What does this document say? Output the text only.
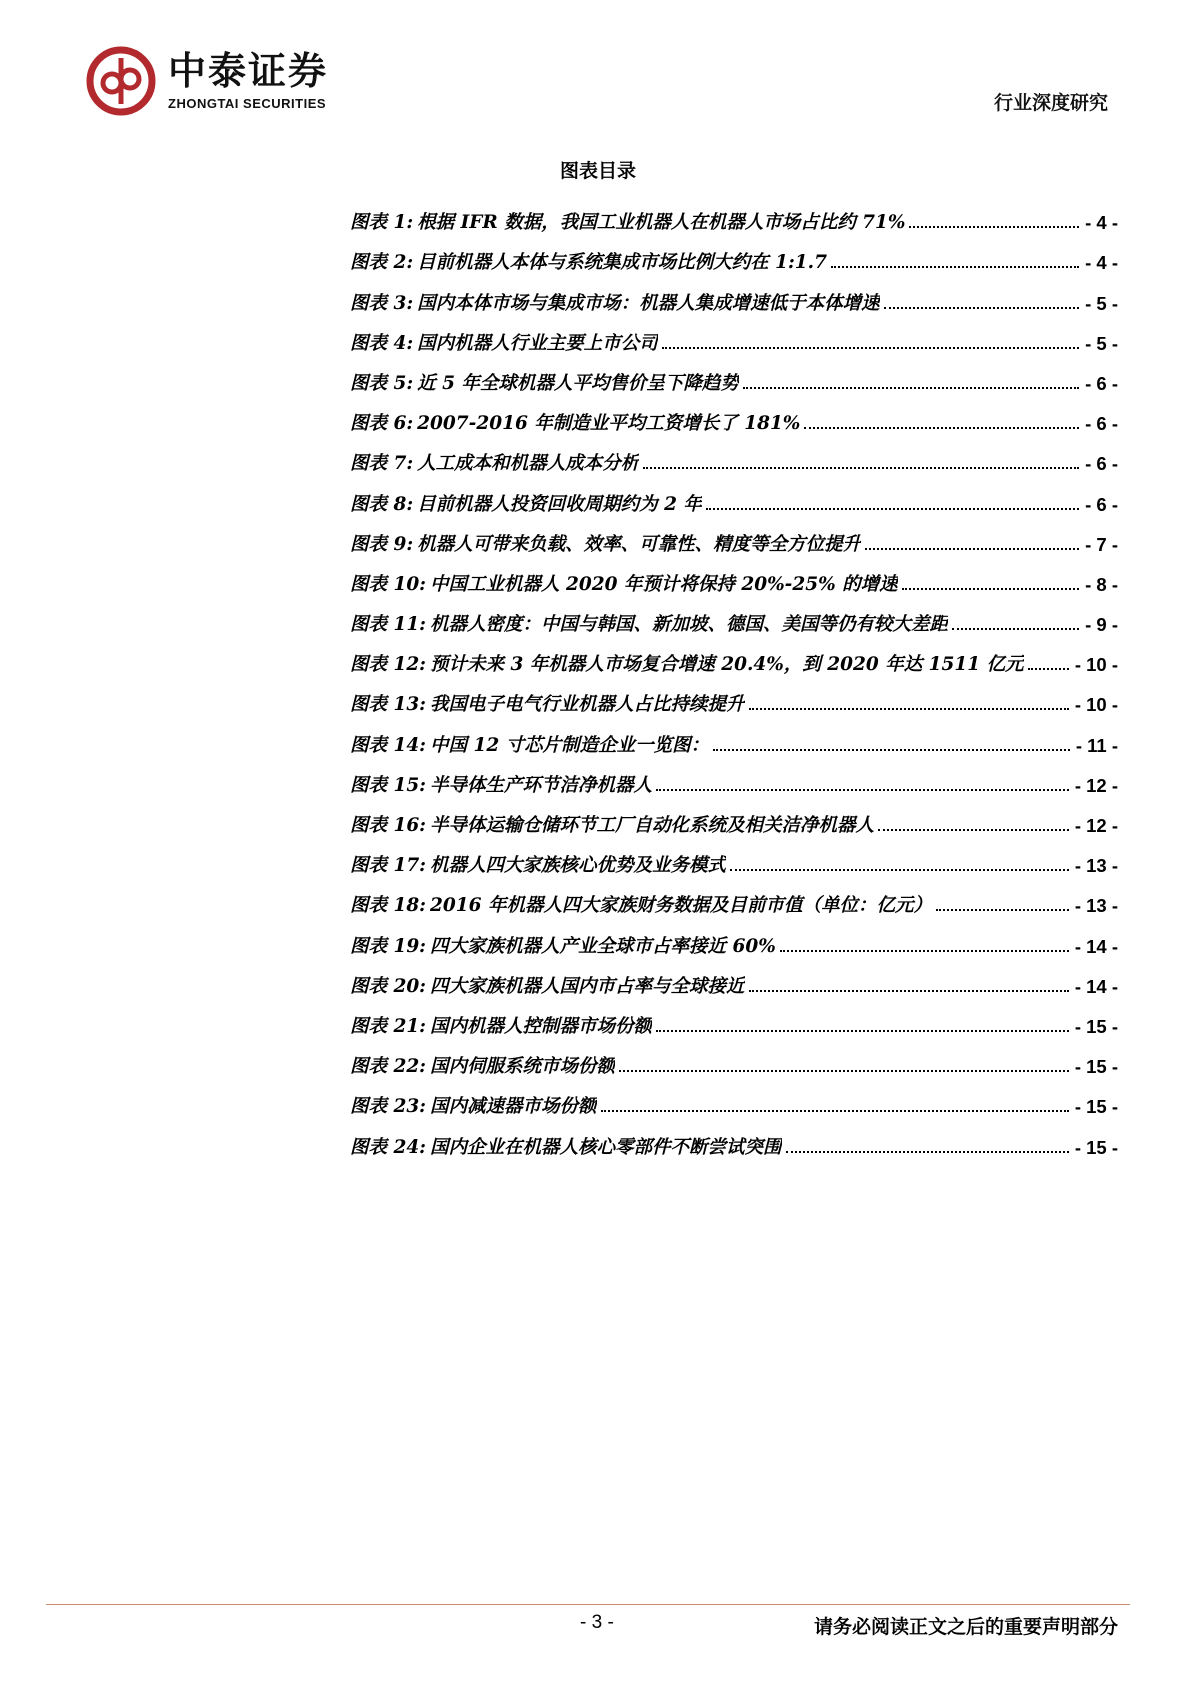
中泰证券
ZHONGTAI SECURITIES	行业深度研究
图表目录
图表 1: 根据 IFR 数据，我国工业机器人在机器人市场占比约 71%	- 4 -
图表 2: 目前机器人本体与系统集成市场比例大约在 1:1.7	- 4 -
图表 3: 国内本体市场与集成市场：机器人集成增速低于本体增速	- 5 -
图表 4: 国内机器人行业主要上市公司	- 5 -
图表 5: 近 5 年全球机器人平均售价呈下降趋势	- 6 -
图表 6: 2007-2016 年制造业平均工资增长了 181%	- 6 -
图表 7: 人工成本和机器人成本分析	- 6 -
图表 8: 目前机器人投资回收周期约为 2 年	- 6 -
图表 9: 机器人可带来负载、效率、可靠性、精度等全方位提升	- 7 -
图表 10: 中国工业机器人 2020 年预计将保持 20%-25% 的增速	- 8 -
图表 11: 机器人密度：中国与韩国、新加坡、德国、美国等仍有较大差距	- 9 -
图表 12: 预计未来 3 年机器人市场复合增速 20.4%，到 2020 年达 1511 亿元	- 10 -
图表 13: 我国电子电气行业机器人占比持续提升	- 10 -
图表 14: 中国 12 寸芯片制造企业一览图：	- 11 -
图表 15: 半导体生产环节洁净机器人	- 12 -
图表 16: 半导体运输仓储环节工厂自动化系统及相关洁净机器人	- 12 -
图表 17: 机器人四大家族核心优势及业务模式	- 13 -
图表 18: 2016 年机器人四大家族财务数据及目前市值（单位：亿元）	- 13 -
图表 19: 四大家族机器人产业全球市占率接近 60%	- 14 -
图表 20: 四大家族机器人国内市占率与全球接近	- 14 -
图表 21: 国内机器人控制器市场份额	- 15 -
图表 22: 国内伺服系统市场份额	- 15 -
图表 23: 国内减速器市场份额	- 15 -
图表 24: 国内企业在机器人核心零部件不断尝试突围	- 15 -
- 3 -	请务必阅读正文之后的重要声明部分
